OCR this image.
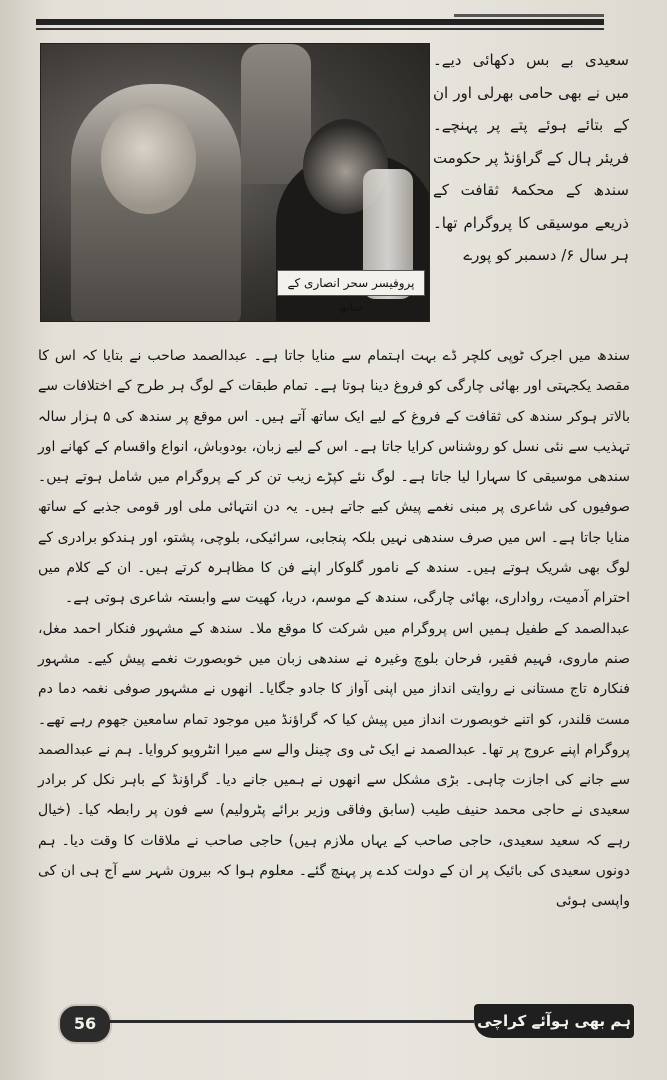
پروفیسر سحر انصاری کے ساتھ

سعیدی بے بس دکھائی دیے۔ میں نے بھی حامی بھرلی اور ان کے بتائے ہوئے پتے پر پہنچے۔ فریئر ہال کے گراؤنڈ پر حکومت سندھ کے محکمۂ ثقافت کے ذریعے موسیقی کا پروگرام تھا۔ ہر سال ۶/ دسمبر کو پورے

سندھ میں اجرک ٹوپی کلچر ڈے بہت اہتمام سے منایا جاتا ہے۔ عبدالصمد صاحب نے بتایا کہ اس کا مقصد یکجہتی اور بھائی چارگی کو فروغ دینا ہوتا ہے۔ تمام طبقات کے لوگ ہر طرح کے اختلافات سے بالاتر ہوکر سندھ کی ثقافت کے فروغ کے لیے ایک ساتھ آتے ہیں۔ اس موقع پر سندھ کی ۵ ہزار سالہ تہذیب سے نئی نسل کو روشناس کرایا جاتا ہے۔ اس کے لیے زبان، بودوباش، انواع واقسام کے کھانے اور سندھی موسیقی کا سہارا لیا جاتا ہے۔ لوگ نئے کپڑے زیب تن کر کے پروگرام میں شامل ہوتے ہیں۔ صوفیوں کی شاعری پر مبنی نغمے پیش کیے جاتے ہیں۔ یہ دن انتہائی ملی اور قومی جذبے کے ساتھ منایا جاتا ہے۔ اس میں صرف سندھی نہیں بلکہ پنجابی، سرائیکی، بلوچی، پشتو، اور ہندکو برادری کے لوگ بھی شریک ہوتے ہیں۔ سندھ کے نامور گلوکار اپنے فن کا مظاہرہ کرتے ہیں۔ ان کے کلام میں احترام آدمیت، رواداری، بھائی چارگی، سندھ کے موسم، دریا، کھیت سے وابستہ شاعری ہوتی ہے۔

عبدالصمد کے طفیل ہمیں اس پروگرام میں شرکت کا موقع ملا۔ سندھ کے مشہور فنکار احمد مغل، صنم ماروی، فہیم فقیر، فرحان بلوچ وغیرہ نے سندھی زبان میں خوبصورت نغمے پیش کیے۔ مشہور فنکارہ تاج مستانی نے روایتی انداز میں اپنی آواز کا جادو جگایا۔ انھوں نے مشہور صوفی نغمہ دما دم مست قلندر، کو اتنے خوبصورت انداز میں پیش کیا کہ گراؤنڈ میں موجود تمام سامعین جھوم رہے تھے۔ پروگرام اپنے عروج پر تھا۔ عبدالصمد نے ایک ٹی وی چینل والے سے میرا انٹرویو کروایا۔ ہم نے عبدالصمد سے جانے کی اجازت چاہی۔ بڑی مشکل سے انھوں نے ہمیں جانے دیا۔ گراؤنڈ کے باہر نکل کر برادر سعیدی نے حاجی محمد حنیف طیب (سابق وفاقی وزیر برائے پٹرولیم) سے فون پر رابطہ کیا۔ (خیال رہے کہ سعید سعیدی، حاجی صاحب کے یہاں ملازم ہیں) حاجی صاحب نے ملاقات کا وقت دیا۔ ہم دونوں سعیدی کی بائیک پر ان کے دولت کدے پر پہنچ گئے۔ معلوم ہوا کہ بیرون شہر سے آج ہی ان کی واپسی ہوئی

56	ہم بھی ہوآئے کراچی
